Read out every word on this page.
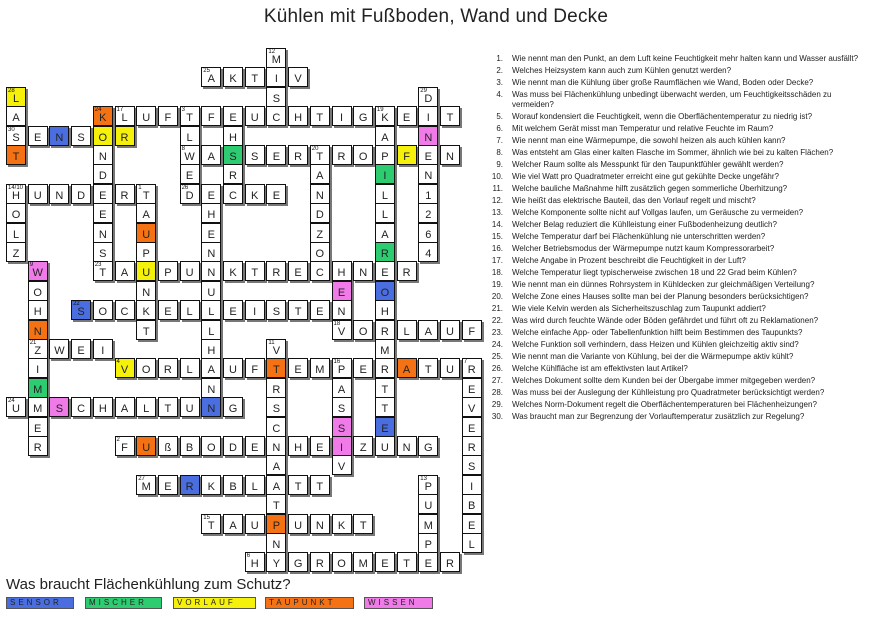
Kühlen mit Fußboden, Wand und Decke
12
M
25
A K T I V
28
L	S
29
D
A
24
K
17
L U F
3
T F E U C H T I G
19
K E I T
30
S E N S O R	L	H	A	N
T	N
8
W A S S E R
20
T R O P F E N
D	E	R	A	I	N
14/10
H U N D E R
1
T
26
D E C K E	N	L	1
O	E	A	H	D	L	2
L	N	U	E	Z	A	6
Z	S	P	N	O	R	4
9
W
23
T A U P U N K T R E C H N E R
O	N	U	E	O
H
22
S O C K E L L E I S T E N	H
N	T	L
18
V O R L A U F
21
Z W E I	H
11
V	M
I
4
V O R L A U F T E M
16
P E R A T U
7
R
M	N	R	A	T	E
24
U M S C H A L T U N G	S	S	T	V
E	C	S	E	E
R
2
F U ß B O D E N H E I Z U N G	R
A	V	S
27
M E R K B L A T T
13
P	I
T	U	B
15
T A U P U N K T	M	E
N	P	L
6
H Y G R O M E T E R
1.	Wie nennt man den Punkt, an dem Luft keine Feuchtigkeit mehr halten kann und Wasser ausfällt?
2.	Welches Heizsystem kann auch zum Kühlen genutzt werden?
3.	Wie nennt man die Kühlung über große Raumflächen wie Wand, Boden oder Decke?
4.	Was muss bei Flächenkühlung unbedingt überwacht werden, um Feuchtigkeitsschäden zu vermeiden?
5.	Worauf kondensiert die Feuchtigkeit, wenn die Oberflächentemperatur zu niedrig ist?
6.	Mit welchem Gerät misst man Temperatur und relative Feuchte im Raum?
7.	Wie nennt man eine Wärmepumpe, die sowohl heizen als auch kühlen kann?
8.	Was entsteht am Glas einer kalten Flasche im Sommer, ähnlich wie bei zu kalten Flächen?
9.	Welcher Raum sollte als Messpunkt für den Taupunktfühler gewählt werden?
10.	Wie viel Watt pro Quadratmeter erreicht eine gut gekühlte Decke ungefähr?
11.	Welche bauliche Maßnahme hilft zusätzlich gegen sommerliche Überhitzung?
12.	Wie heißt das elektrische Bauteil, das den Vorlauf regelt und mischt?
13.	Welche Komponente sollte nicht auf Vollgas laufen, um Geräusche zu vermeiden?
14.	Welcher Belag reduziert die Kühlleistung einer Fußbodenheizung deutlich?
15.	Welche Temperatur darf bei Flächenkühlung nie unterschritten werden?
16.	Welcher Betriebsmodus der Wärmepumpe nutzt kaum Kompressorarbeit?
17.	Welche Angabe in Prozent beschreibt die Feuchtigkeit in der Luft?
18.	Welche Temperatur liegt typischerweise zwischen 18 und 22 Grad beim Kühlen?
19.	Wie nennt man ein dünnes Rohrsystem in Kühldecken zur gleichmäßigen Verteilung?
20.	Welche Zone eines Hauses sollte man bei der Planung besonders berücksichtigen?
21.	Wie viele Kelvin werden als Sicherheitszuschlag zum Taupunkt addiert?
22.	Was wird durch feuchte Wände oder Böden gefährdet und führt oft zu Reklamationen?
23.	Welche einfache App- oder Tabellenfunktion hilft beim Bestimmen des Taupunkts?
24.	Welche Funktion soll verhindern, dass Heizen und Kühlen gleichzeitig aktiv sind?
25.	Wie nennt man die Variante von Kühlung, bei der die Wärmepumpe aktiv kühlt?
26.	Welche Kühlfläche ist am effektivsten laut Artikel?
27.	Welches Dokument sollte dem Kunden bei der Übergabe immer mitgegeben werden?
28.	Was muss bei der Auslegung der Kühlleistung pro Quadratmeter berücksichtigt werden?
29.	Welches Norm-Dokument regelt die Oberflächentemperaturen bei Flächenheizungen?
30.	Was braucht man zur Begrenzung der Vorlauftemperatur zusätzlich zur Regelung?
Was braucht Flächenkühlung zum Schutz?
SENSOR	MISCHER	VORLAUF	TAUPUNKT	WISSEN
